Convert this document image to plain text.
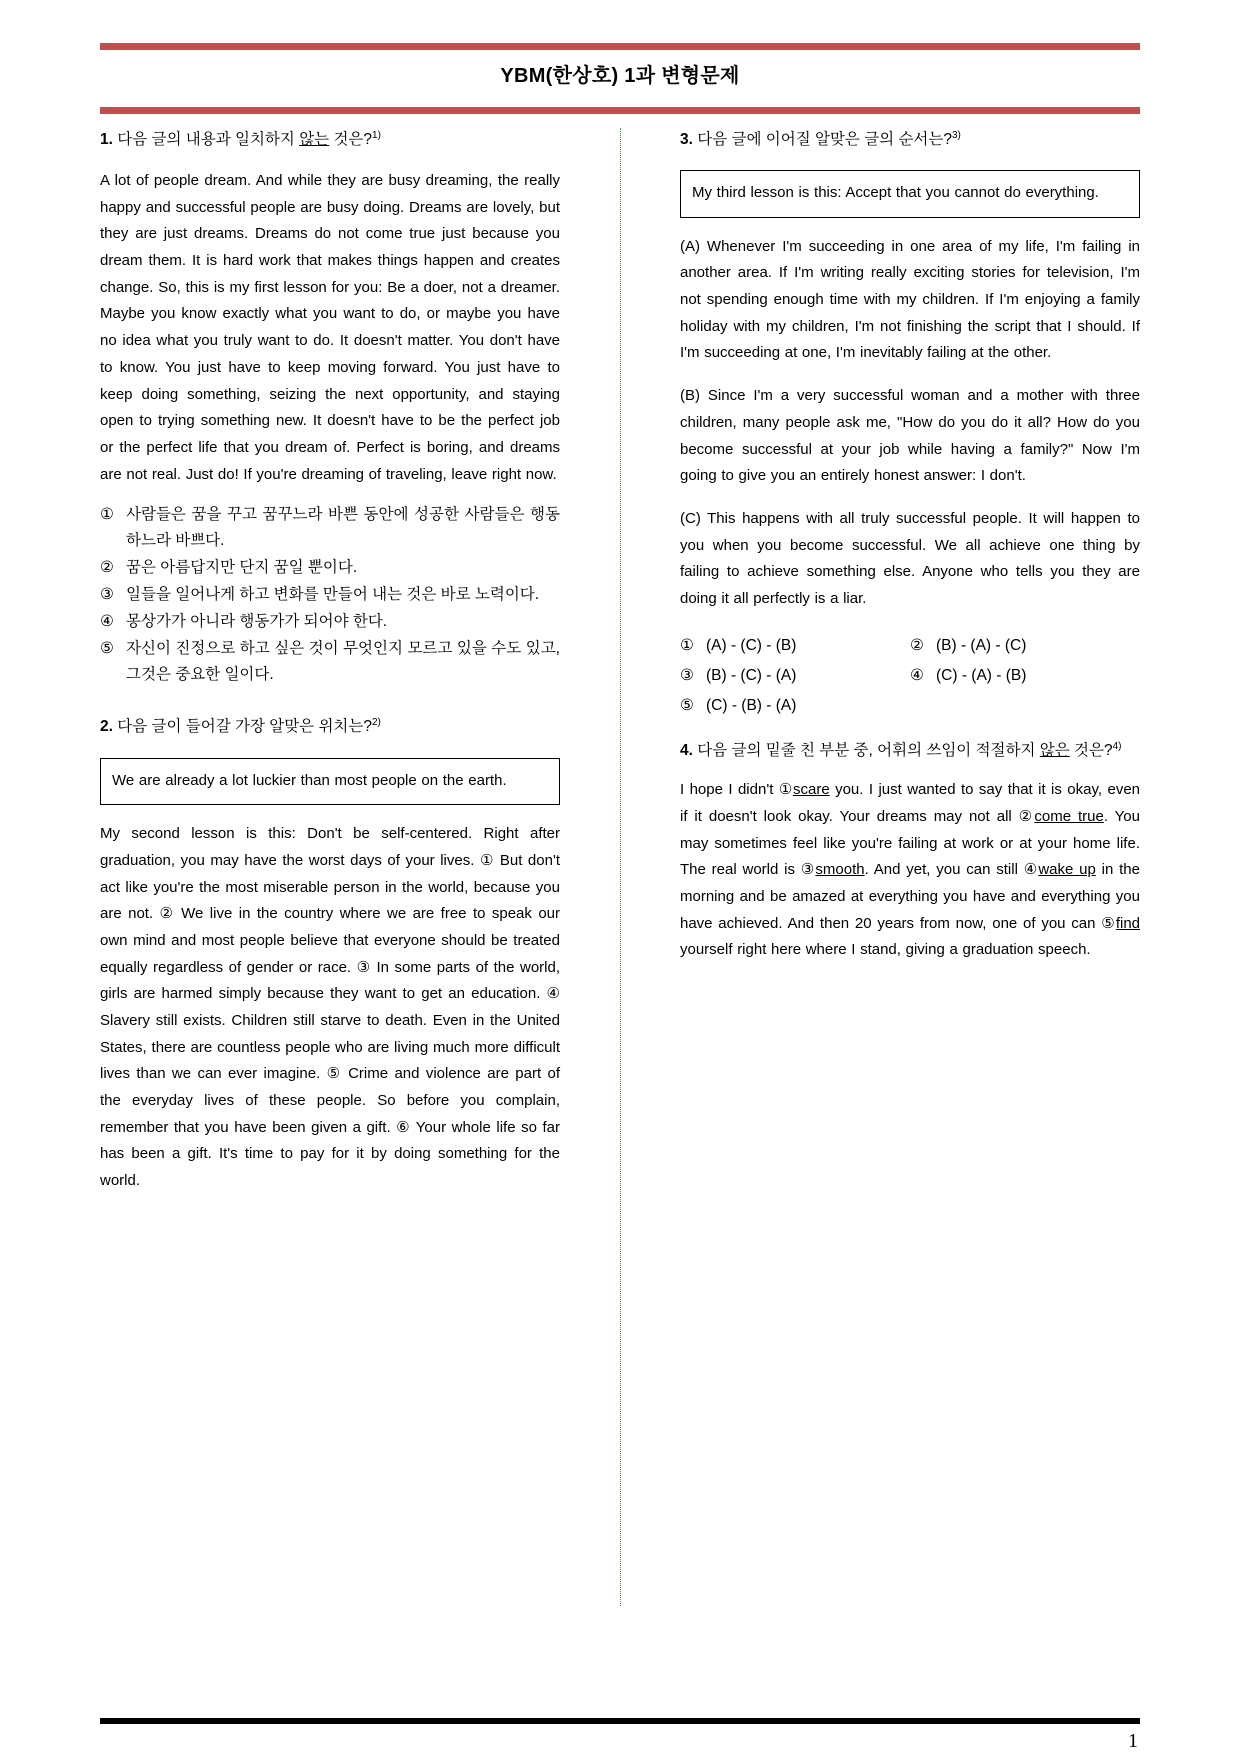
YBM(한상호) 1과 변형문제
1. 다음 글의 내용과 일치하지 않는 것은?$^{1)}$
A lot of people dream. And while they are busy dreaming, the really happy and successful people are busy doing. Dreams are lovely, but they are just dreams. Dreams do not come true just because you dream them. It is hard work that makes things happen and creates change. So, this is my first lesson for you: Be a doer, not a dreamer. Maybe you know exactly what you want to do, or maybe you have no idea what you truly want to do. It doesn't matter. You don't have to know. You just have to keep moving forward. You just have to keep doing something, seizing the next opportunity, and staying open to trying something new. It doesn't have to be the perfect job or the perfect life that you dream of. Perfect is boring, and dreams are not real. Just do! If you're dreaming of traveling, leave right now.
① 사람들은 꿈을 꾸고 꿈꾸느라 바쁜 동안에 성공한 사람들은 행동하느라 바쁘다.
② 꿈은 아름답지만 단지 꿈일 뿐이다.
③ 일들을 일어나게 하고 변화를 만들어 내는 것은 바로 노력이다.
④ 몽상가가 아니라 행동가가 되어야 한다.
⑤ 자신이 진정으로 하고 싶은 것이 무엇인지 모르고 있을 수도 있고, 그것은 중요한 일이다.
2. 다음 글이 들어갈 가장 알맞은 위치는?$^{2)}$
We are already a lot luckier than most people on the earth.
My second lesson is this: Don't be self-centered. Right after graduation, you may have the worst days of your lives. ① But don't act like you're the most miserable person in the world, because you are not. ② We live in the country where we are free to speak our own mind and most people believe that everyone should be treated equally regardless of gender or race. ③ In some parts of the world, girls are harmed simply because they want to get an education. ④ Slavery still exists. Children still starve to death. Even in the United States, there are countless people who are living much more difficult lives than we can ever imagine. ⑤ Crime and violence are part of the everyday lives of these people. So before you complain, remember that you have been given a gift. ⑥ Your whole life so far has been a gift. It's time to pay for it by doing something for the world.
3. 다음 글에 이어질 알맞은 글의 순서는?$^{3)}$
My third lesson is this: Accept that you cannot do everything.
(A) Whenever I'm succeeding in one area of my life, I'm failing in another area. If I'm writing really exciting stories for television, I'm not spending enough time with my children. If I'm enjoying a family holiday with my children, I'm not finishing the script that I should. If I'm succeeding at one, I'm inevitably failing at the other.
(B) Since I'm a very successful woman and a mother with three children, many people ask me, "How do you do it all? How do you become successful at your job while having a family?" Now I'm going to give you an entirely honest answer: I don't.
(C) This happens with all truly successful people. It will happen to you when you become successful. We all achieve one thing by failing to achieve something else. Anyone who tells you they are doing it all perfectly is a liar.
① (A) - (C) - (B)	② (B) - (A) - (C)
③ (B) - (C) - (A)	④ (C) - (A) - (B)
⑤ (C) - (B) - (A)
4. 다음 글의 밑줄 친 부분 중, 어휘의 쓰임이 적절하지 않은 것은?$^{4)}$
I hope I didn't ①scare you. I just wanted to say that it is okay, even if it doesn't look okay. Your dreams may not all ②come true. You may sometimes feel like you're failing at work or at your home life. The real world is ③smooth. And yet, you can still ④wake up in the morning and be amazed at everything you have and everything you have achieved. And then 20 years from now, one of you can ⑤find yourself right here where I stand, giving a graduation speech.
1
